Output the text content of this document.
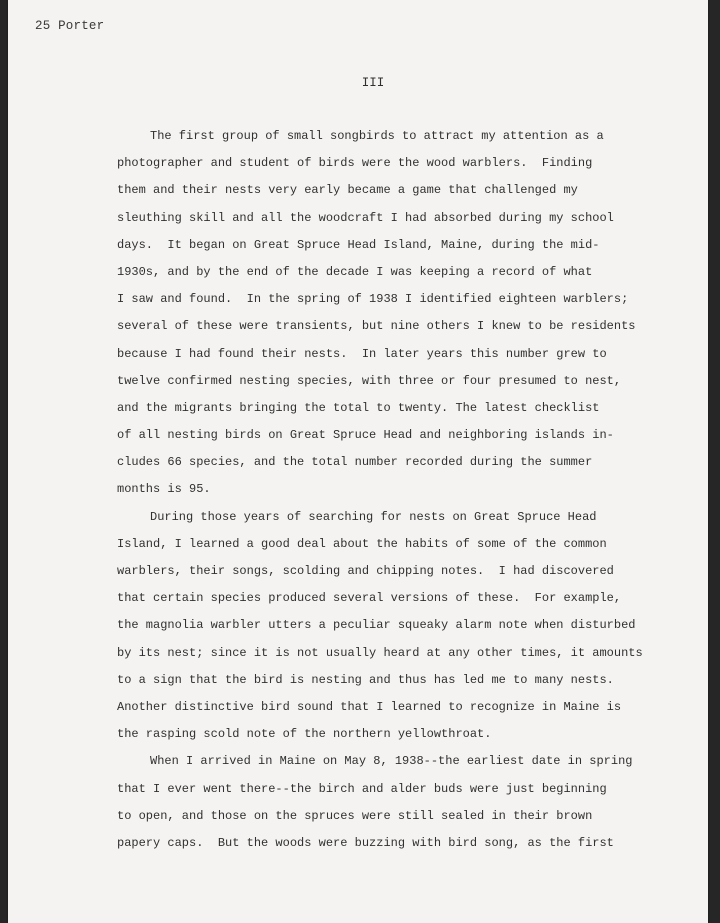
25 Porter
III
The first group of small songbirds to attract my attention as a
photographer and student of birds were the wood warblers.  Finding
them and their nests very early became a game that challenged my
sleuthing skill and all the woodcraft I had absorbed during my school
days.  It began on Great Spruce Head Island, Maine, during the mid-
1930s, and by the end of the decade I was keeping a record of what
I saw and found.  In the spring of 1938 I identified eighteen warblers;
several of these were transients, but nine others I knew to be residents
because I had found their nests.  In later years this number grew to
twelve confirmed nesting species, with three or four presumed to nest,
and the migrants bringing the total to twenty. The latest checklist
of all nesting birds on Great Spruce Head and neighboring islands in-
cludes 66 species, and the total number recorded during the summer
months is 95.
During those years of searching for nests on Great Spruce Head
Island, I learned a good deal about the habits of some of the common
warblers, their songs, scolding and chipping notes.  I had discovered
that certain species produced several versions of these.  For example,
the magnolia warbler utters a peculiar squeaky alarm note when disturbed
by its nest; since it is not usually heard at any other times, it amounts
to a sign that the bird is nesting and thus has led me to many nests.
Another distinctive bird sound that I learned to recognize in Maine is
the rasping scold note of the northern yellowthroat.
When I arrived in Maine on May 8, 1938--the earliest date in spring
that I ever went there--the birch and alder buds were just beginning
to open, and those on the spruces were still sealed in their brown
papery caps.  But the woods were buzzing with bird song, as the first
